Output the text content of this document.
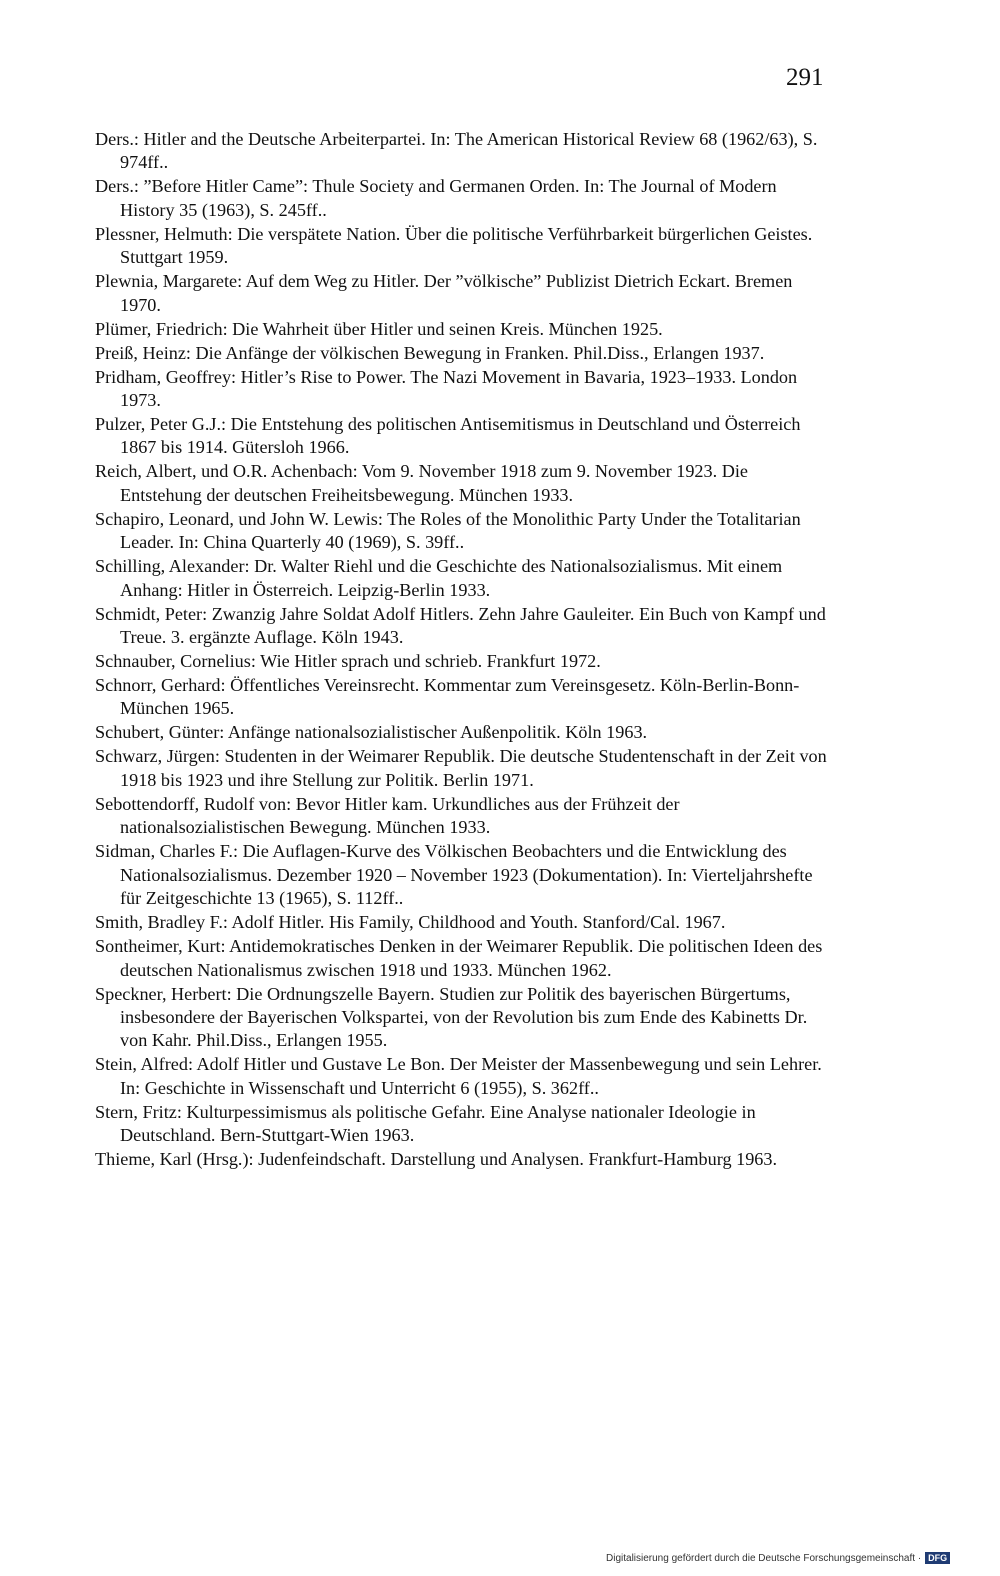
291
Ders.: Hitler and the Deutsche Arbeiterpartei. In: The American Historical Review 68 (1962/63), S. 974ff..
Ders.: ”Before Hitler Came”: Thule Society and Germanen Orden. In: The Journal of Modern History 35 (1963), S. 245ff..
Plessner, Helmuth: Die verspätete Nation. Über die politische Verführbarkeit bürgerlichen Geistes. Stuttgart 1959.
Plewnia, Margarete: Auf dem Weg zu Hitler. Der ”völkische” Publizist Dietrich Eckart. Bremen 1970.
Plümer, Friedrich: Die Wahrheit über Hitler und seinen Kreis. München 1925.
Preiß, Heinz: Die Anfänge der völkischen Bewegung in Franken. Phil.Diss., Erlangen 1937.
Pridham, Geoffrey: Hitler’s Rise to Power. The Nazi Movement in Bavaria, 1923–1933. London 1973.
Pulzer, Peter G.J.: Die Entstehung des politischen Antisemitismus in Deutschland und Österreich 1867 bis 1914. Gütersloh 1966.
Reich, Albert, und O.R. Achenbach: Vom 9. November 1918 zum 9. November 1923. Die Entstehung der deutschen Freiheitsbewegung. München 1933.
Schapiro, Leonard, und John W. Lewis: The Roles of the Monolithic Party Under the Totalitarian Leader. In: China Quarterly 40 (1969), S. 39ff..
Schilling, Alexander: Dr. Walter Riehl und die Geschichte des Nationalsozialismus. Mit einem Anhang: Hitler in Österreich. Leipzig-Berlin 1933.
Schmidt, Peter: Zwanzig Jahre Soldat Adolf Hitlers. Zehn Jahre Gauleiter. Ein Buch von Kampf und Treue. 3. ergänzte Auflage. Köln 1943.
Schnauber, Cornelius: Wie Hitler sprach und schrieb. Frankfurt 1972.
Schnorr, Gerhard: Öffentliches Vereinsrecht. Kommentar zum Vereinsgesetz. Köln-Berlin-Bonn-München 1965.
Schubert, Günter: Anfänge nationalsozialistischer Außenpolitik. Köln 1963.
Schwarz, Jürgen: Studenten in der Weimarer Republik. Die deutsche Studentenschaft in der Zeit von 1918 bis 1923 und ihre Stellung zur Politik. Berlin 1971.
Sebottendorff, Rudolf von: Bevor Hitler kam. Urkundliches aus der Frühzeit der nationalsozialistischen Bewegung. München 1933.
Sidman, Charles F.: Die Auflagen-Kurve des Völkischen Beobachters und die Entwicklung des Nationalsozialismus. Dezember 1920 – November 1923 (Dokumentation). In: Vierteljahrshefte für Zeitgeschichte 13 (1965), S. 112ff..
Smith, Bradley F.: Adolf Hitler. His Family, Childhood and Youth. Stanford/Cal. 1967.
Sontheimer, Kurt: Antidemokratisches Denken in der Weimarer Republik. Die politischen Ideen des deutschen Nationalismus zwischen 1918 und 1933. München 1962.
Speckner, Herbert: Die Ordnungszelle Bayern. Studien zur Politik des bayerischen Bürgertums, insbesondere der Bayerischen Volkspartei, von der Revolution bis zum Ende des Kabinetts Dr. von Kahr. Phil.Diss., Erlangen 1955.
Stein, Alfred: Adolf Hitler und Gustave Le Bon. Der Meister der Massenbewegung und sein Lehrer. In: Geschichte in Wissenschaft und Unterricht 6 (1955), S. 362ff..
Stern, Fritz: Kulturpessimismus als politische Gefahr. Eine Analyse nationaler Ideologie in Deutschland. Bern-Stuttgart-Wien 1963.
Thieme, Karl (Hrsg.): Judenfeindschaft. Darstellung und Analysen. Frankfurt-Hamburg 1963.
Digitalisierung gefördert durch die Deutsche Forschungsgemeinschaft · DFG
